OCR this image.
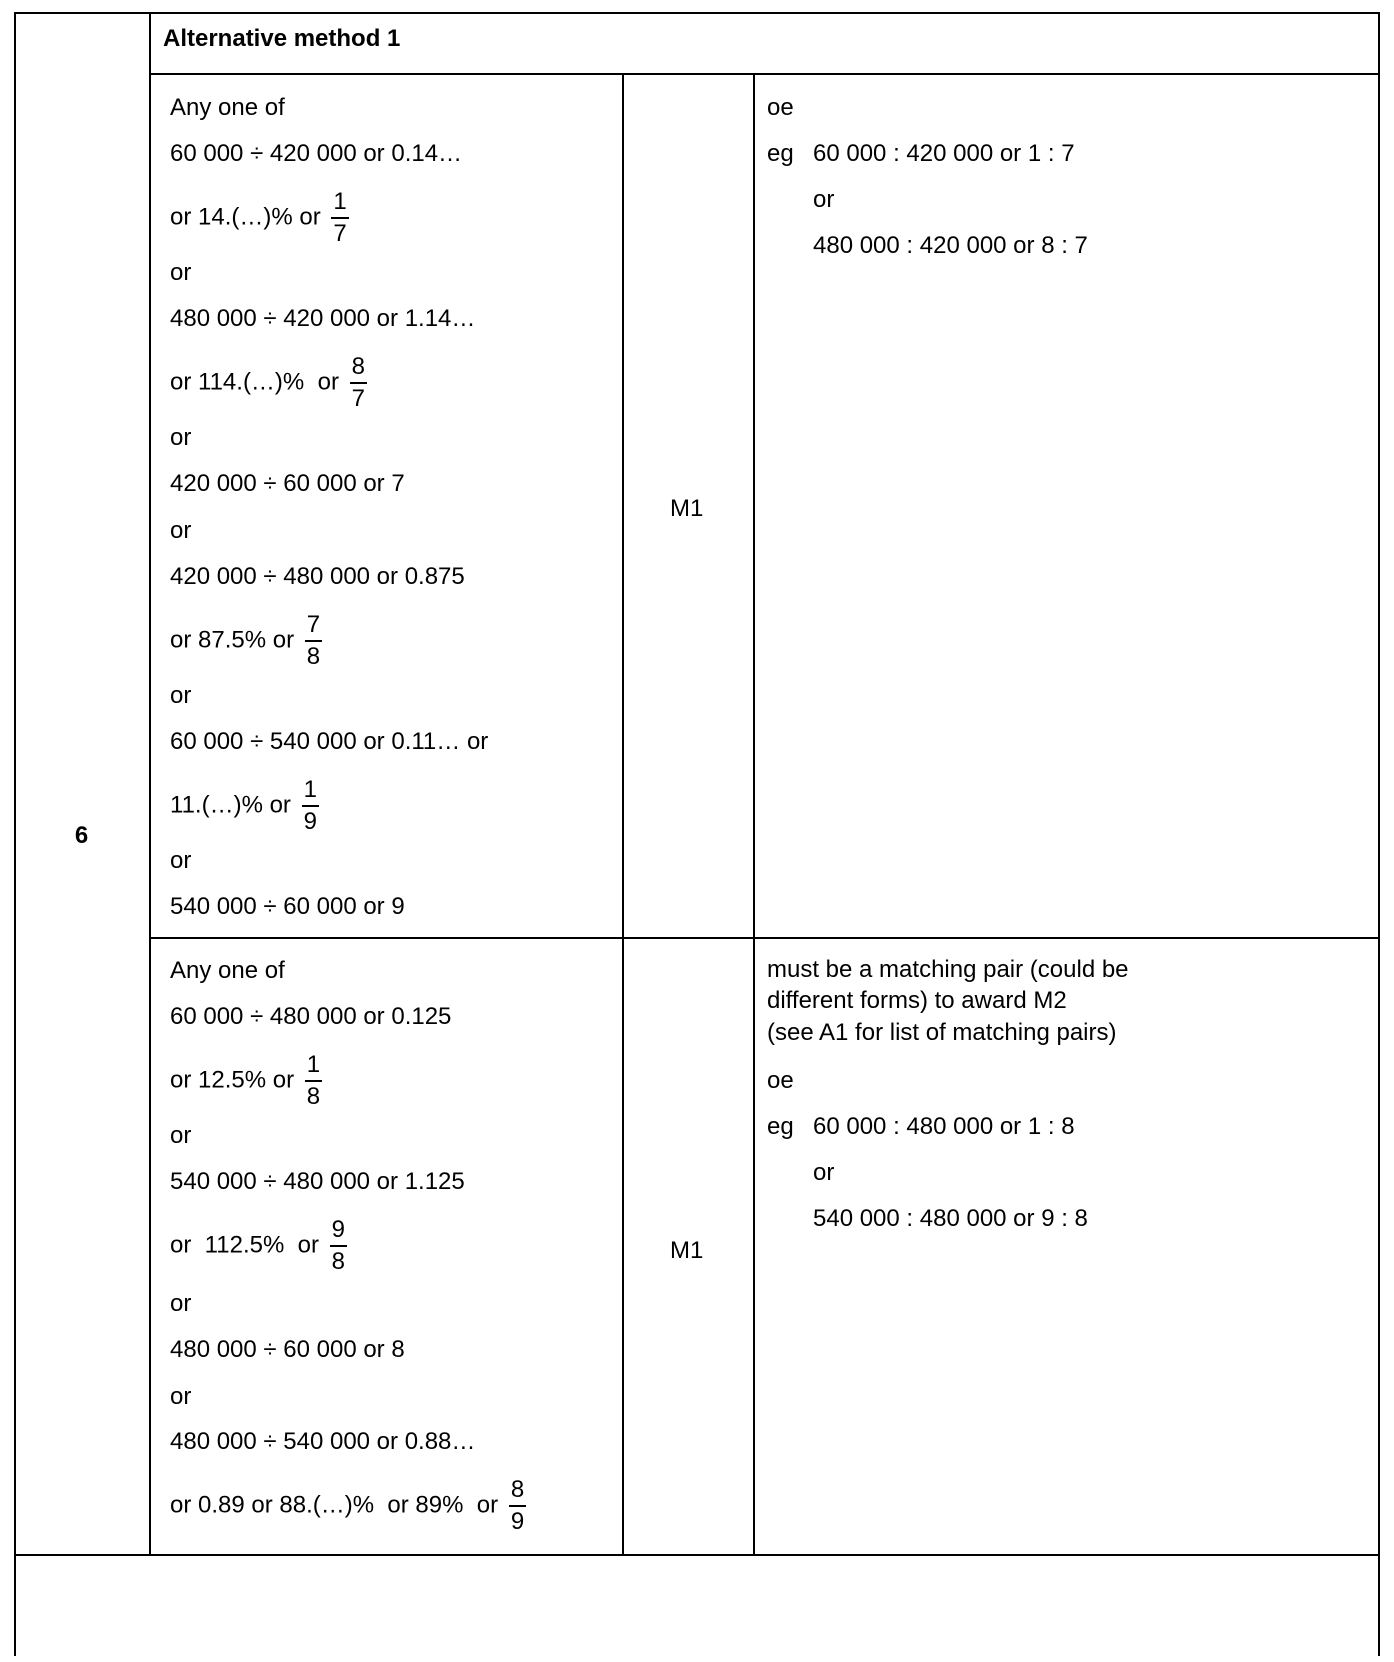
6
Alternative method 1
Any one of
60 000 ÷ 420 000 or 0.14…
or 14.(…)% or $\frac{1}{7}$
or
480 000 ÷ 420 000 or 1.14…
or 114.(…)%  or $\frac{8}{7}$
or
420 000 ÷ 60 000 or 7
or
420 000 ÷ 480 000 or 0.875
or 87.5% or $\frac{7}{8}$
or
60 000 ÷ 540 000 or 0.11… or
11.(…)% or $\frac{1}{9}$
or
540 000 ÷ 60 000 or 9
M1
oe
eg 60 000 : 420 000 or 1 : 7
or
480 000 : 420 000 or 8 : 7
Any one of
60 000 ÷ 480 000 or 0.125
or 12.5% or $\frac{1}{8}$
or
540 000 ÷ 480 000 or 1.125
or  112.5%  or $\frac{9}{8}$
or
480 000 ÷ 60 000 or 8
or
480 000 ÷ 540 000 or 0.88…
or 0.89 or 88.(…)%  or 89%  or $\frac{8}{9}$
M1
must be a matching pair (could be different forms) to award M2
(see A1 for list of matching pairs)
oe
eg 60 000 : 480 000 or 1 : 8
or
540 000 : 480 000 or 9 : 8
